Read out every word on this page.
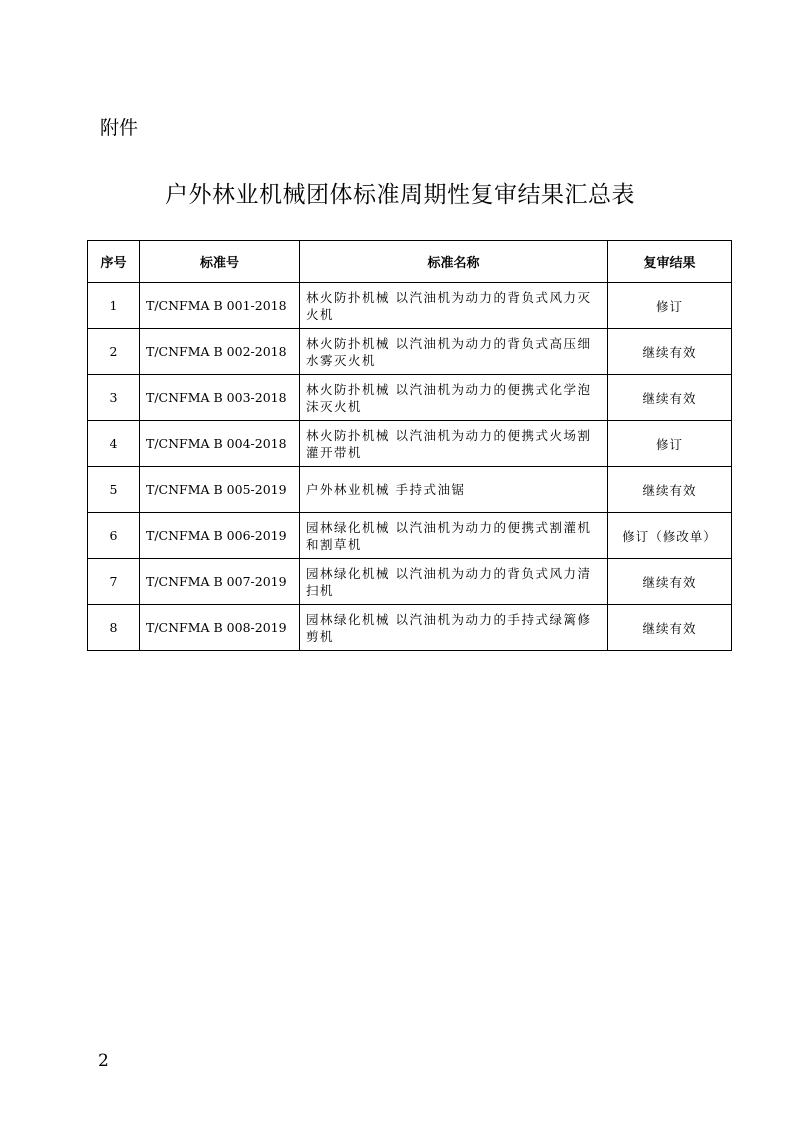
附件
户外林业机械团体标准周期性复审结果汇总表
序号	标准号	标准名称	复审结果
1	T/CNFMA B 001-2018	林火防扑机械 以汽油机为动力的背负式风力灭火机	修订
2	T/CNFMA B 002-2018	林火防扑机械 以汽油机为动力的背负式高压细水雾灭火机	继续有效
3	T/CNFMA B 003-2018	林火防扑机械 以汽油机为动力的便携式化学泡沫灭火机	继续有效
4	T/CNFMA B 004-2018	林火防扑机械 以汽油机为动力的便携式火场割灌开带机	修订
5	T/CNFMA B 005-2019	户外林业机械 手持式油锯	继续有效
6	T/CNFMA B 006-2019	园林绿化机械 以汽油机为动力的便携式割灌机和割草机	修订（修改单）
7	T/CNFMA B 007-2019	园林绿化机械 以汽油机为动力的背负式风力清扫机	继续有效
8	T/CNFMA B 008-2019	园林绿化机械 以汽油机为动力的手持式绿篱修剪机	继续有效
2
